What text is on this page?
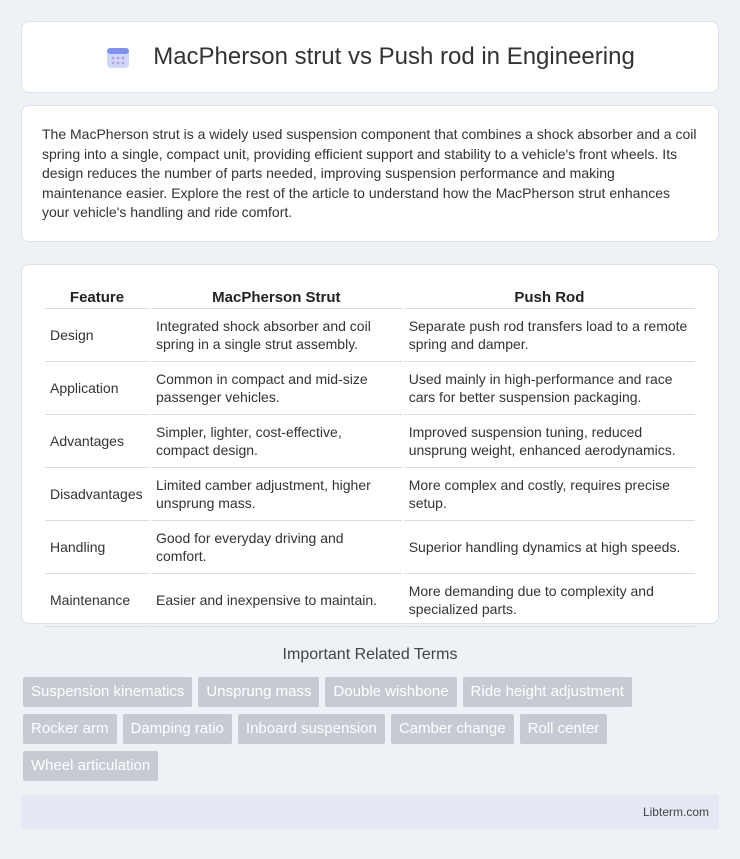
MacPherson strut vs Push rod in Engineering

The MacPherson strut is a widely used suspension component that combines a shock absorber and a coil spring into a single, compact unit, providing efficient support and stability to a vehicle's front wheels. Its design reduces the number of parts needed, improving suspension performance and making maintenance easier. Explore the rest of the article to understand how the MacPherson strut enhances your vehicle's handling and ride comfort.

Feature	MacPherson Strut	Push Rod
Design	Integrated shock absorber and coil spring in a single strut assembly.	Separate push rod transfers load to a remote spring and damper.
Application	Common in compact and mid-size passenger vehicles.	Used mainly in high-performance and race cars for better suspension packaging.
Advantages	Simpler, lighter, cost-effective, compact design.	Improved suspension tuning, reduced unsprung weight, enhanced aerodynamics.
Disadvantages	Limited camber adjustment, higher unsprung mass.	More complex and costly, requires precise setup.
Handling	Good for everyday driving and comfort.	Superior handling dynamics at high speeds.
Maintenance	Easier and inexpensive to maintain.	More demanding due to complexity and specialized parts.
Important Related Terms
Suspension kinematics	Unsprung mass	Double wishbone	Ride height adjustment
Rocker arm	Damping ratio	Inboard suspension	Camber change	Roll center
Wheel articulation
Libterm.com
